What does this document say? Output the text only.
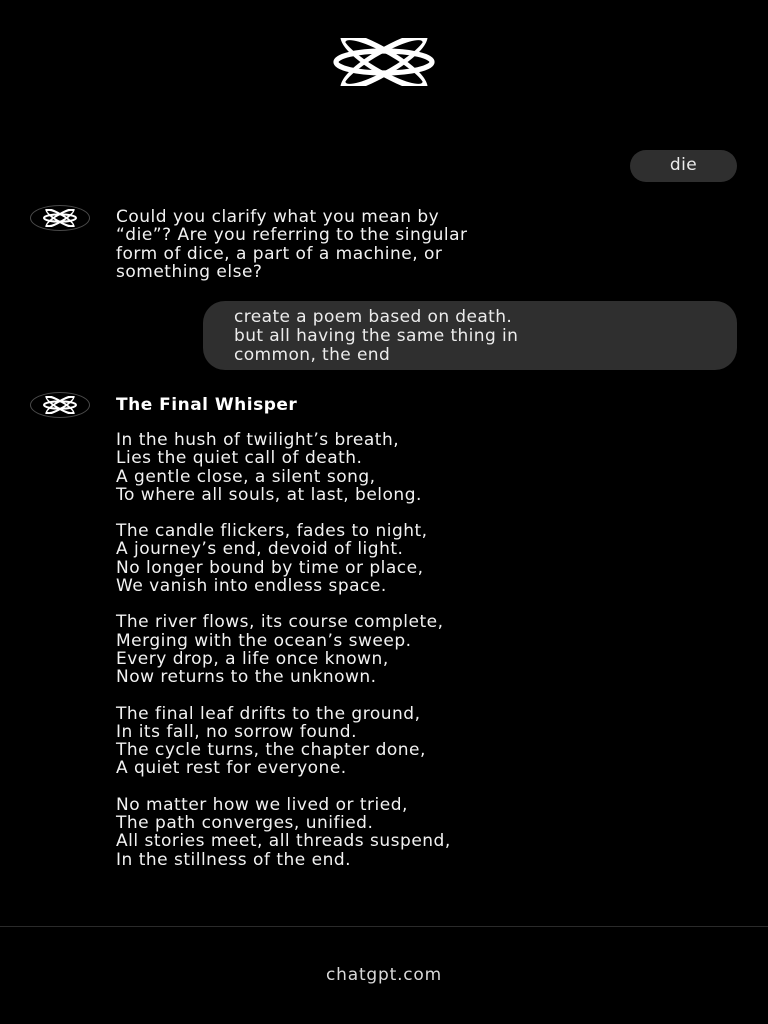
die
Could you clarify what you mean by
“die”? Are you referring to the singular
form of dice, a part of a machine, or
something else?
create a poem based on death.
but all having the same thing in
common, the end
The Final Whisper

In the hush of twilight’s breath,
Lies the quiet call of death.
A gentle close, a silent song,
To where all souls, at last, belong.

The candle flickers, fades to night,
A journey’s end, devoid of light.
No longer bound by time or place,
We vanish into endless space.

The river flows, its course complete,
Merging with the ocean’s sweep.
Every drop, a life once known,
Now returns to the unknown.

The final leaf drifts to the ground,
In its fall, no sorrow found.
The cycle turns, the chapter done,
A quiet rest for everyone.

No matter how we lived or tried,
The path converges, unified.
All stories meet, all threads suspend,
In the stillness of the end.

chatgpt.com
